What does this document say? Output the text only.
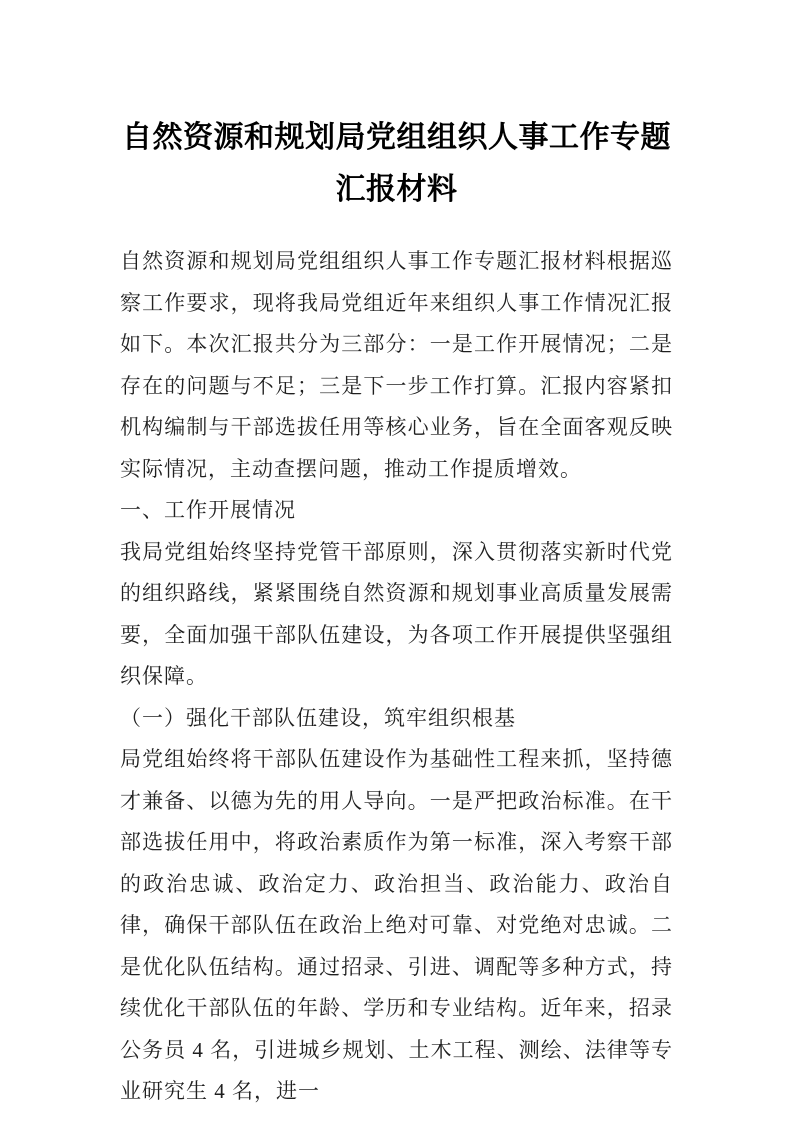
自然资源和规划局党组组织人事工作专题汇报材料

自然资源和规划局党组组织人事工作专题汇报材料根据巡察工作要求，现将我局党组近年来组织人事工作情况汇报如下。本次汇报共分为三部分：一是工作开展情况；二是存在的问题与不足；三是下一步工作打算。汇报内容紧扣机构编制与干部选拔任用等核心业务，旨在全面客观反映实际情况，主动查摆问题，推动工作提质增效。

一、工作开展情况

我局党组始终坚持党管干部原则，深入贯彻落实新时代党的组织路线，紧紧围绕自然资源和规划事业高质量发展需要，全面加强干部队伍建设，为各项工作开展提供坚强组织保障。

（一）强化干部队伍建设，筑牢组织根基

局党组始终将干部队伍建设作为基础性工程来抓，坚持德才兼备、以德为先的用人导向。一是严把政治标准。在干部选拔任用中，将政治素质作为第一标准，深入考察干部的政治忠诚、政治定力、政治担当、政治能力、政治自律，确保干部队伍在政治上绝对可靠、对党绝对忠诚。二是优化队伍结构。通过招录、引进、调配等多种方式，持续优化干部队伍的年龄、学历和专业结构。近年来，招录公务员 4 名，引进城乡规划、土木工程、测绘、法律等专业研究生 4 名，进一
